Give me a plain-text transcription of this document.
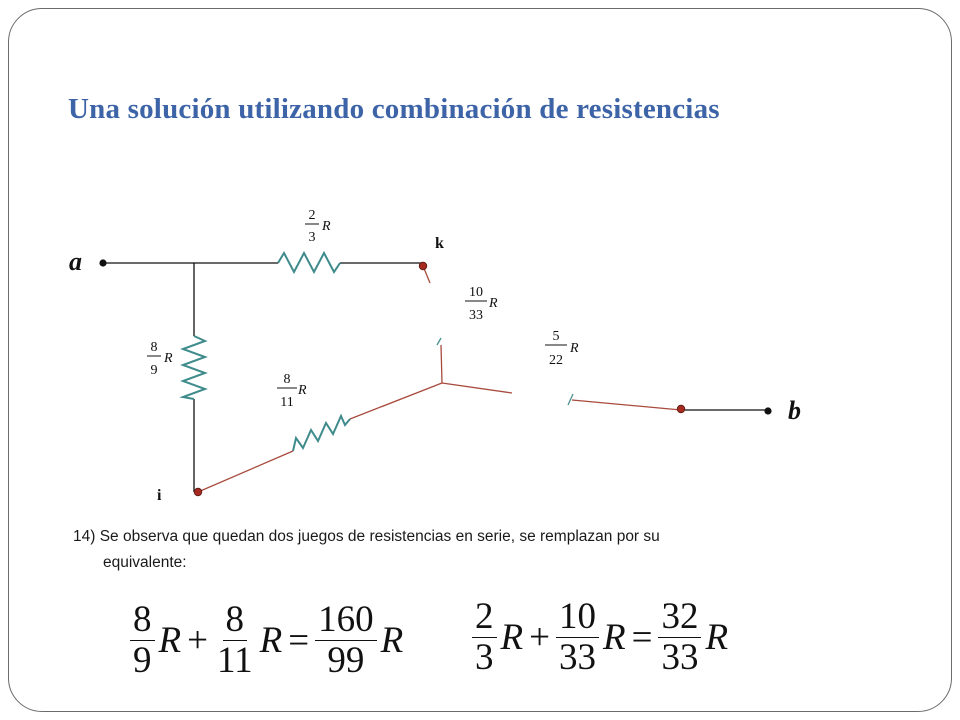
Una solución utilizando combinación de resistencias
a
b
k
i
2
3
R
8
9
R
8
11
R
10
33
R
5
22
R

14) Se observa que quedan dos juegos de resistencias en serie, se remplazan por su

equivalente:

$\frac{8}{9}$ $R + \frac{8}{11}$ $R = \frac{160}{99}$ R $\frac{2}{3}$ $R + \frac{10}{33}$ $R = \frac{32}{33}$ R
